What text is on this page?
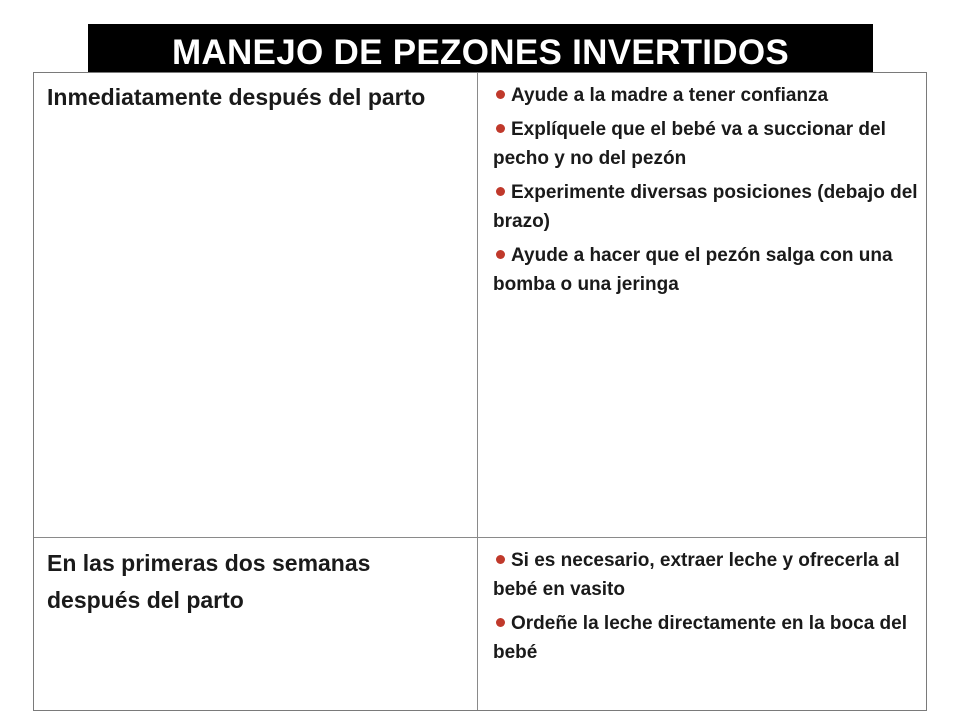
MANEJO DE PEZONES INVERTIDOS
Inmediatamente después del parto	Ayude a la madre a tener confianza
Explíquele que el bebé va a succionar del pecho y no del pezón
Experimente diversas posiciones (debajo del brazo)
Ayude a hacer que el pezón salga con una bomba o una jeringa
En las primeras dos semanas después del parto
Si es necesario, extraer leche y ofrecerla al bebé en vasito
Ordeñe la leche directamente en la boca del bebé
